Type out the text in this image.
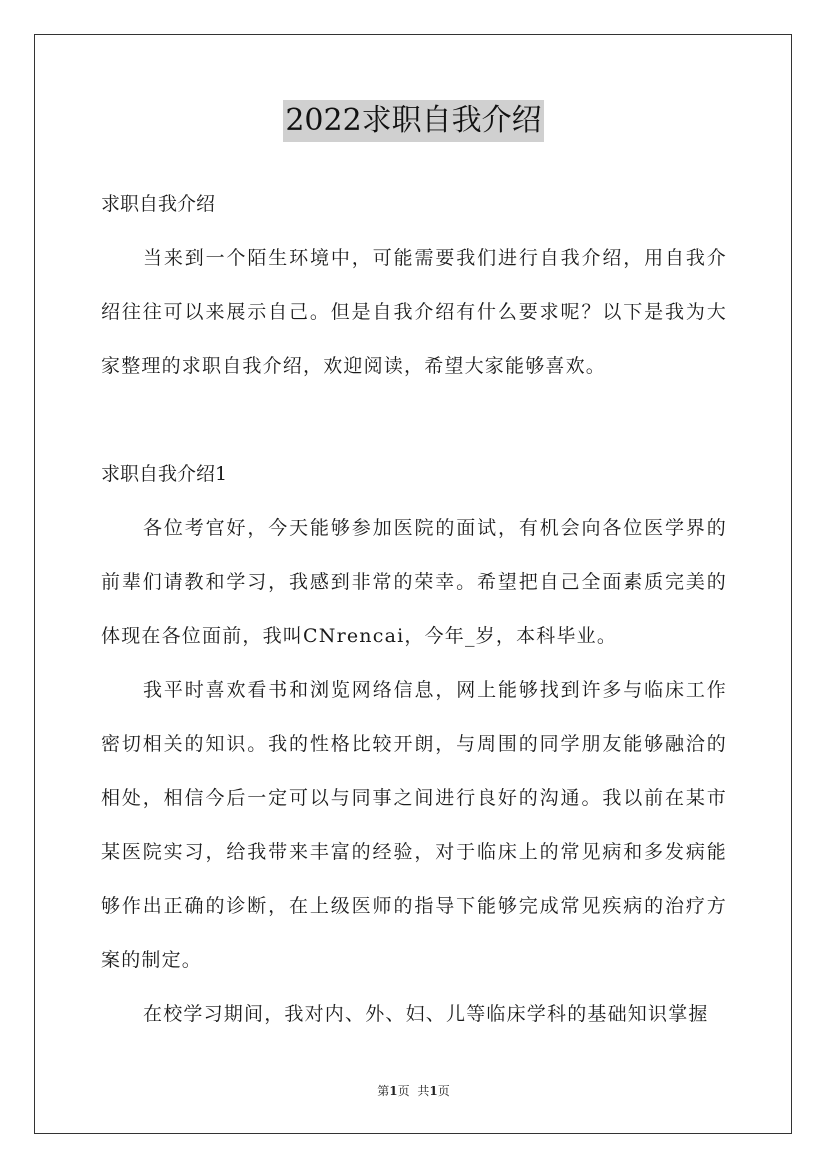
2022求职自我介绍
求职自我介绍

当来到一个陌生环境中，可能需要我们进行自我介绍，用自我介绍往往可以来展示自己。但是自我介绍有什么要求呢？以下是我为大家整理的求职自我介绍，欢迎阅读，希望大家能够喜欢。

求职自我介绍1

各位考官好，今天能够参加医院的面试，有机会向各位医学界的前辈们请教和学习，我感到非常的荣幸。希望把自己全面素质完美的体现在各位面前，我叫CNrencai，今年_岁，本科毕业。

我平时喜欢看书和浏览网络信息，网上能够找到许多与临床工作密切相关的知识。我的性格比较开朗，与周围的同学朋友能够融洽的相处，相信今后一定可以与同事之间进行良好的沟通。我以前在某市某医院实习，给我带来丰富的经验，对于临床上的常见病和多发病能够作出正确的诊断，在上级医师的指导下能够完成常见疾病的治疗方案的制定。

在校学习期间，我对内、外、妇、儿等临床学科的基础知识掌握

第1页 共1页
